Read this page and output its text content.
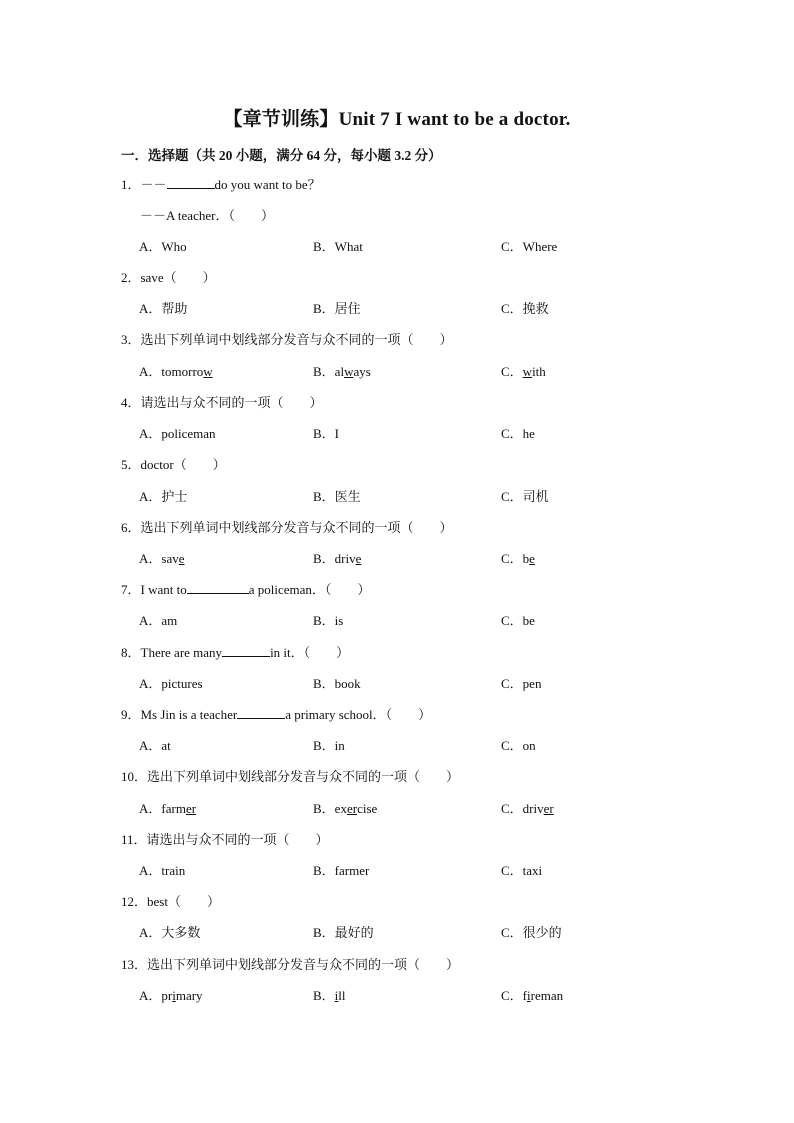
【章节训练】Unit 7 I want to be a doctor.
一．选择题（共 20 小题，满分 64 分，每小题 3.2 分）
1．－－	do you want to be？
－－A teacher．（　　）
A．Who	B．What	C．Where
2．save（　　）
A．帮助	B．居住	C．挽救
3．选出下列单词中划线部分发音与众不同的一项（　　）
A．tomorrow	B．always	C．with
4．请选出与众不同的一项（　　）
A．policeman	B．I	C．he
5．doctor（　　）
A．护士	B．医生	C．司机
6．选出下列单词中划线部分发音与众不同的一项（　　）
A．save	B．drive	C．be
7．I want to	a policeman．（　　）
A．am	B．is	C．be
8．There are many	in it．（　　）
A．pictures	B．book	C．pen
9．Ms Jin is a teacher	a primary school．（　　）
A．at	B．in	C．on
10．选出下列单词中划线部分发音与众不同的一项（　　）
A．farmer	B．exercise	C．driver
11．请选出与众不同的一项（　　）
A．train	B．farmer	C．taxi
12．best（　　）
A．大多数	B．最好的	C．很少的
13．选出下列单词中划线部分发音与众不同的一项（　　）
A．primary	B．ill	C．fireman
